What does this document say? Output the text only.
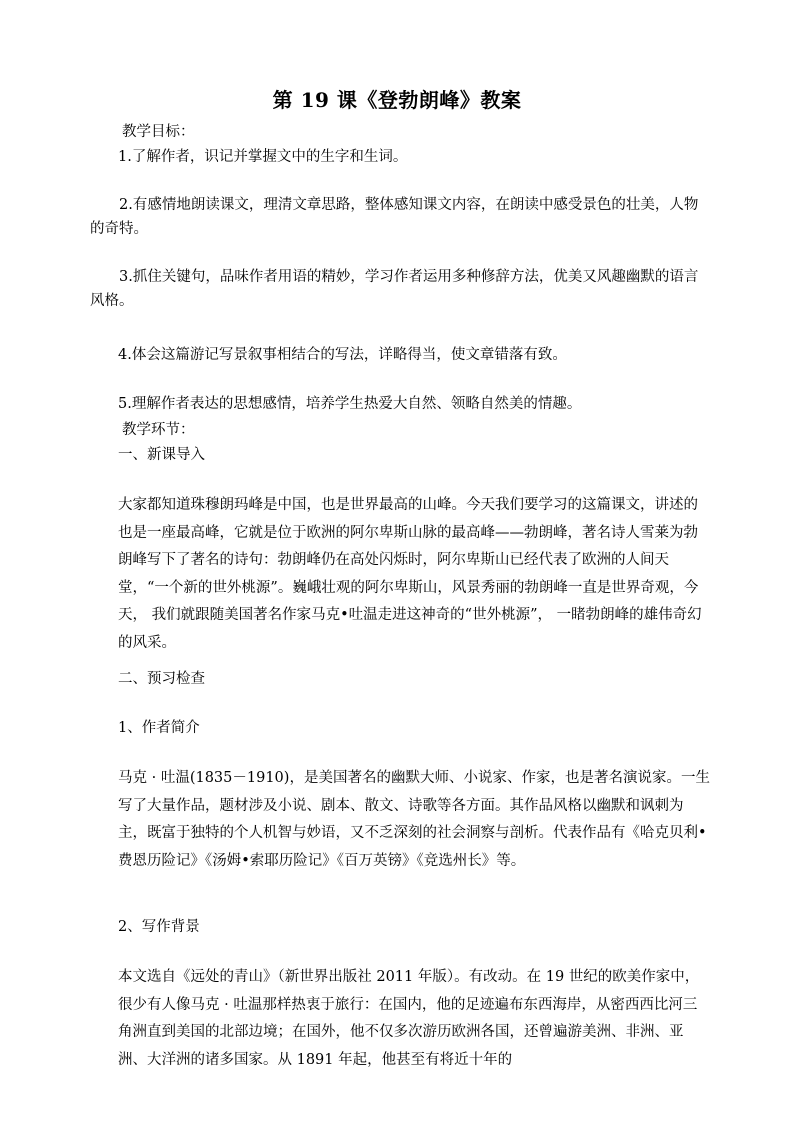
第 19 课《登勃朗峰》教案
教学目标：
1.了解作者，识记并掌握文中的生字和生词。
2.有感情地朗读课文，理清文章思路，整体感知课文内容，在朗读中感受景色的壮美，人物的奇特。
3.抓住关键句，品味作者用语的精妙，学习作者运用多种修辞方法，优美又风趣幽默的语言风格。
4.体会这篇游记写景叙事相结合的写法，详略得当，使文章错落有致。
5.理解作者表达的思想感情，培养学生热爱大自然、领略自然美的情趣。
教学环节：
一、新课导入
大家都知道珠穆朗玛峰是中国，也是世界最高的山峰。今天我们要学习的这篇课文，讲述的也是一座最高峰，它就是位于欧洲的阿尔卑斯山脉的最高峰——勃朗峰，著名诗人雪莱为勃朗峰写下了著名的诗句：勃朗峰仍在高处闪烁时，阿尔卑斯山已经代表了欧洲的人间天堂，“一个新的世外桃源”。巍峨壮观的阿尔卑斯山，风景秀丽的勃朗峰一直是世界奇观，今天， 我们就跟随美国著名作家马克•吐温走进这神奇的“世外桃源”， 一睹勃朗峰的雄伟奇幻的风采。
二、预习检查
1、作者简介
马克 · 吐温(1835－1910)，是美国著名的幽默大师、小说家、作家，也是著名演说家。一生写了大量作品，题材涉及小说、剧本、散文、诗歌等各方面。其作品风格以幽默和讽刺为主，既富于独特的个人机智与妙语，又不乏深刻的社会洞察与剖析。代表作品有《哈克贝利•费恩历险记》《汤姆•索耶历险记》《百万英镑》《竞选州长》等。
2、写作背景
本文选自《远处的青山》（新世界出版社 2011 年版）。有改动。在 19 世纪的欧美作家中，很少有人像马克 · 吐温那样热衷于旅行：在国内，他的足迹遍布东西海岸，从密西西比河三角洲直到美国的北部边境；在国外，他不仅多次游历欧洲各国，还曾遍游美洲、非洲、亚洲、大洋洲的诸多国家。从 1891 年起，他甚至有将近十年的
